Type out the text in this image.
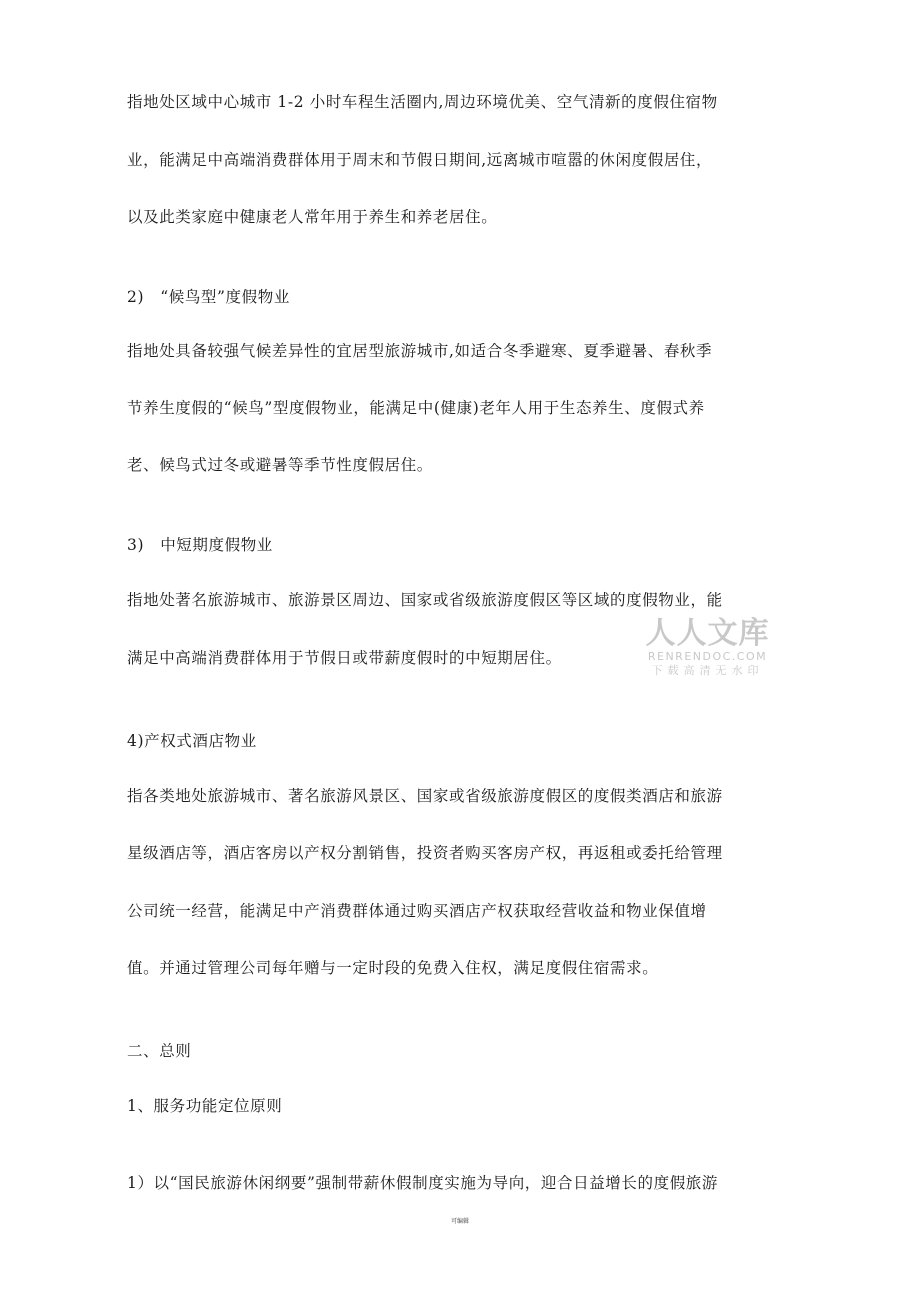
指地处区域中心城市 1-2 小时车程生活圈内,周边环境优美、空气清新的度假住宿物
业，能满足中高端消费群体用于周末和节假日期间,远离城市喧嚣的休闲度假居住，
以及此类家庭中健康老人常年用于养生和养老居住。
2)　“候鸟型”度假物业
指地处具备较强气候差异性的宜居型旅游城市,如适合冬季避寒、夏季避暑、春秋季
节养生度假的“候鸟”型度假物业，能满足中(健康)老年人用于生态养生、度假式养
老、候鸟式过冬或避暑等季节性度假居住。
3)　中短期度假物业
指地处著名旅游城市、旅游景区周边、国家或省级旅游度假区等区域的度假物业，能
满足中高端消费群体用于节假日或带薪度假时的中短期居住。
4)产权式酒店物业
指各类地处旅游城市、著名旅游风景区、国家或省级旅游度假区的度假类酒店和旅游
星级酒店等，酒店客房以产权分割销售，投资者购买客房产权，再返租或委托给管理
公司统一经营，能满足中产消费群体通过购买酒店产权获取经营收益和物业保值增
值。并通过管理公司每年赠与一定时段的免费入住权，满足度假住宿需求。
二、总则
1、服务功能定位原则
1）以“国民旅游休闲纲要”强制带薪休假制度实施为导向，迎合日益增长的度假旅游
人人文库
RENRENDOC.COM
下载高清无水印
可编辑
